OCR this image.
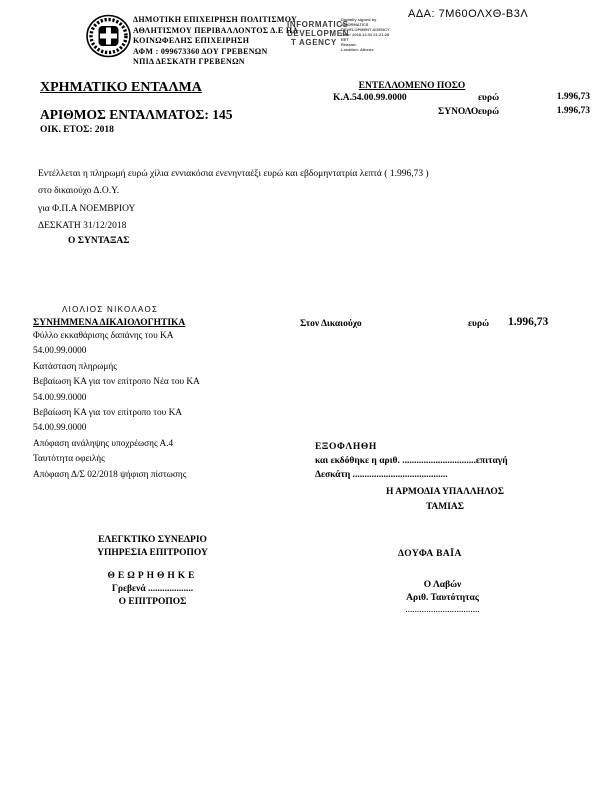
ΔΗΜΟΤΙΚΗ ΕΠΙΧΕΙΡΗΣΗ ΠΟΛΙΤΙΣΜΟΥ
ΑΘΛΗΤΙΣΜΟΥ ΠΕΡΙΒΑΛΛΟΝΤΟΣ Δ.Ε ΠΑ
ΚΟΙΝΩΦΕΛΗΣ ΕΠΙΧΕΙΡΗΣΗ
ΑΦΜ : 099673360 ΔΟΥ ΓΡΕΒΕΝΩΝ
ΝΠΙΔ ΔΕΣΚΑΤΗ ΓΡΕΒΕΝΩΝ
INFORMATICS
DEVELOPMEN
T AGENCY
Digitally signed by
INFORMATICS
DEVELOPMENT AGENCY
Date: 2018.12.31 21:21:28
EET
Reason:
Location: Athens
ΑΔΑ: 7Μ60ΟΛΧΘ-Β3Λ
ΧΡΗΜΑΤΙΚΟ ΕΝΤΑΛΜΑ
ΑΡΙΘΜΟΣ ΕΝΤΑΛΜΑΤΟΣ: 145
ΟΙΚ. ΕΤΟΣ: 2018
ΕΝΤΕΛΛΟΜΕΝΟ ΠΟΣΟ
Κ.Α.54.00.99.0000	ευρώ	1.996,73
ΣΥΝΟΛΟ ευρώ	1.996,73
Εντέλλεται η πληρωμή ευρώ χίλια εννιακόσια ενενηνταέξι ευρώ και εβδομηντατρία λεπτά ( 1.996,73 )
στο δικαιούχο Δ.Ο.Υ.
για Φ.Π.Α ΝΟΕΜΒΡΙΟΥ
ΔΕΣΚΑΤΗ 31/12/2018
Ο ΣΥΝΤΑΞΑΣ
ΛΙΟΛΙΟΣ ΝΙΚΟΛΑΟΣ
ΣΥΝΗΜΜΕΝΑ ΔΙΚΑΙΟΛΟΓΗΤΙΚΑ	Στον Δικαιούχο	ευρώ 1.996,73
Φύλλο εκκαθάρισης δαπάνης του ΚΑ
54.00.99.0000
Κατάσταση πληρωμής
Βεβαίωση ΚΑ για τον επίτροπο Νέα του ΚΑ
54.00.99.0000
Βεβαίωση ΚΑ για τον επίτροπο του ΚΑ
54.00.99.0000
Απόφαση ανάληψης υποχρέωσης Α.4
Ταυτότητα οφειλής
Απόφαση Δ/Σ 02/2018 ψήφιση πίστωσης
ΕΞΟΦΛΗΘΗ
και εκδόθηκε η αριθ. ...............................επιταγή
Δεσκάτη ........................................
Η ΑΡΜΟΔΙΑ ΥΠΑΛΛΗΛΟΣ
ΤΑΜΙΑΣ
ΕΛΕΓΚΤΙΚΟ ΣΥΝΕΔΡΙΟ
ΥΠΗΡΕΣΙΑ ΕΠΙΤΡΟΠΟΥ
ΘΕΩΡΗΘΗΚΕ
Γρεβενά ...................
Ο ΕΠΙΤΡΟΠΟΣ
ΔΟΥΦΑ ΒΑΪΑ
Ο Λαβών
Αριθ. Ταυτότητας
................................
